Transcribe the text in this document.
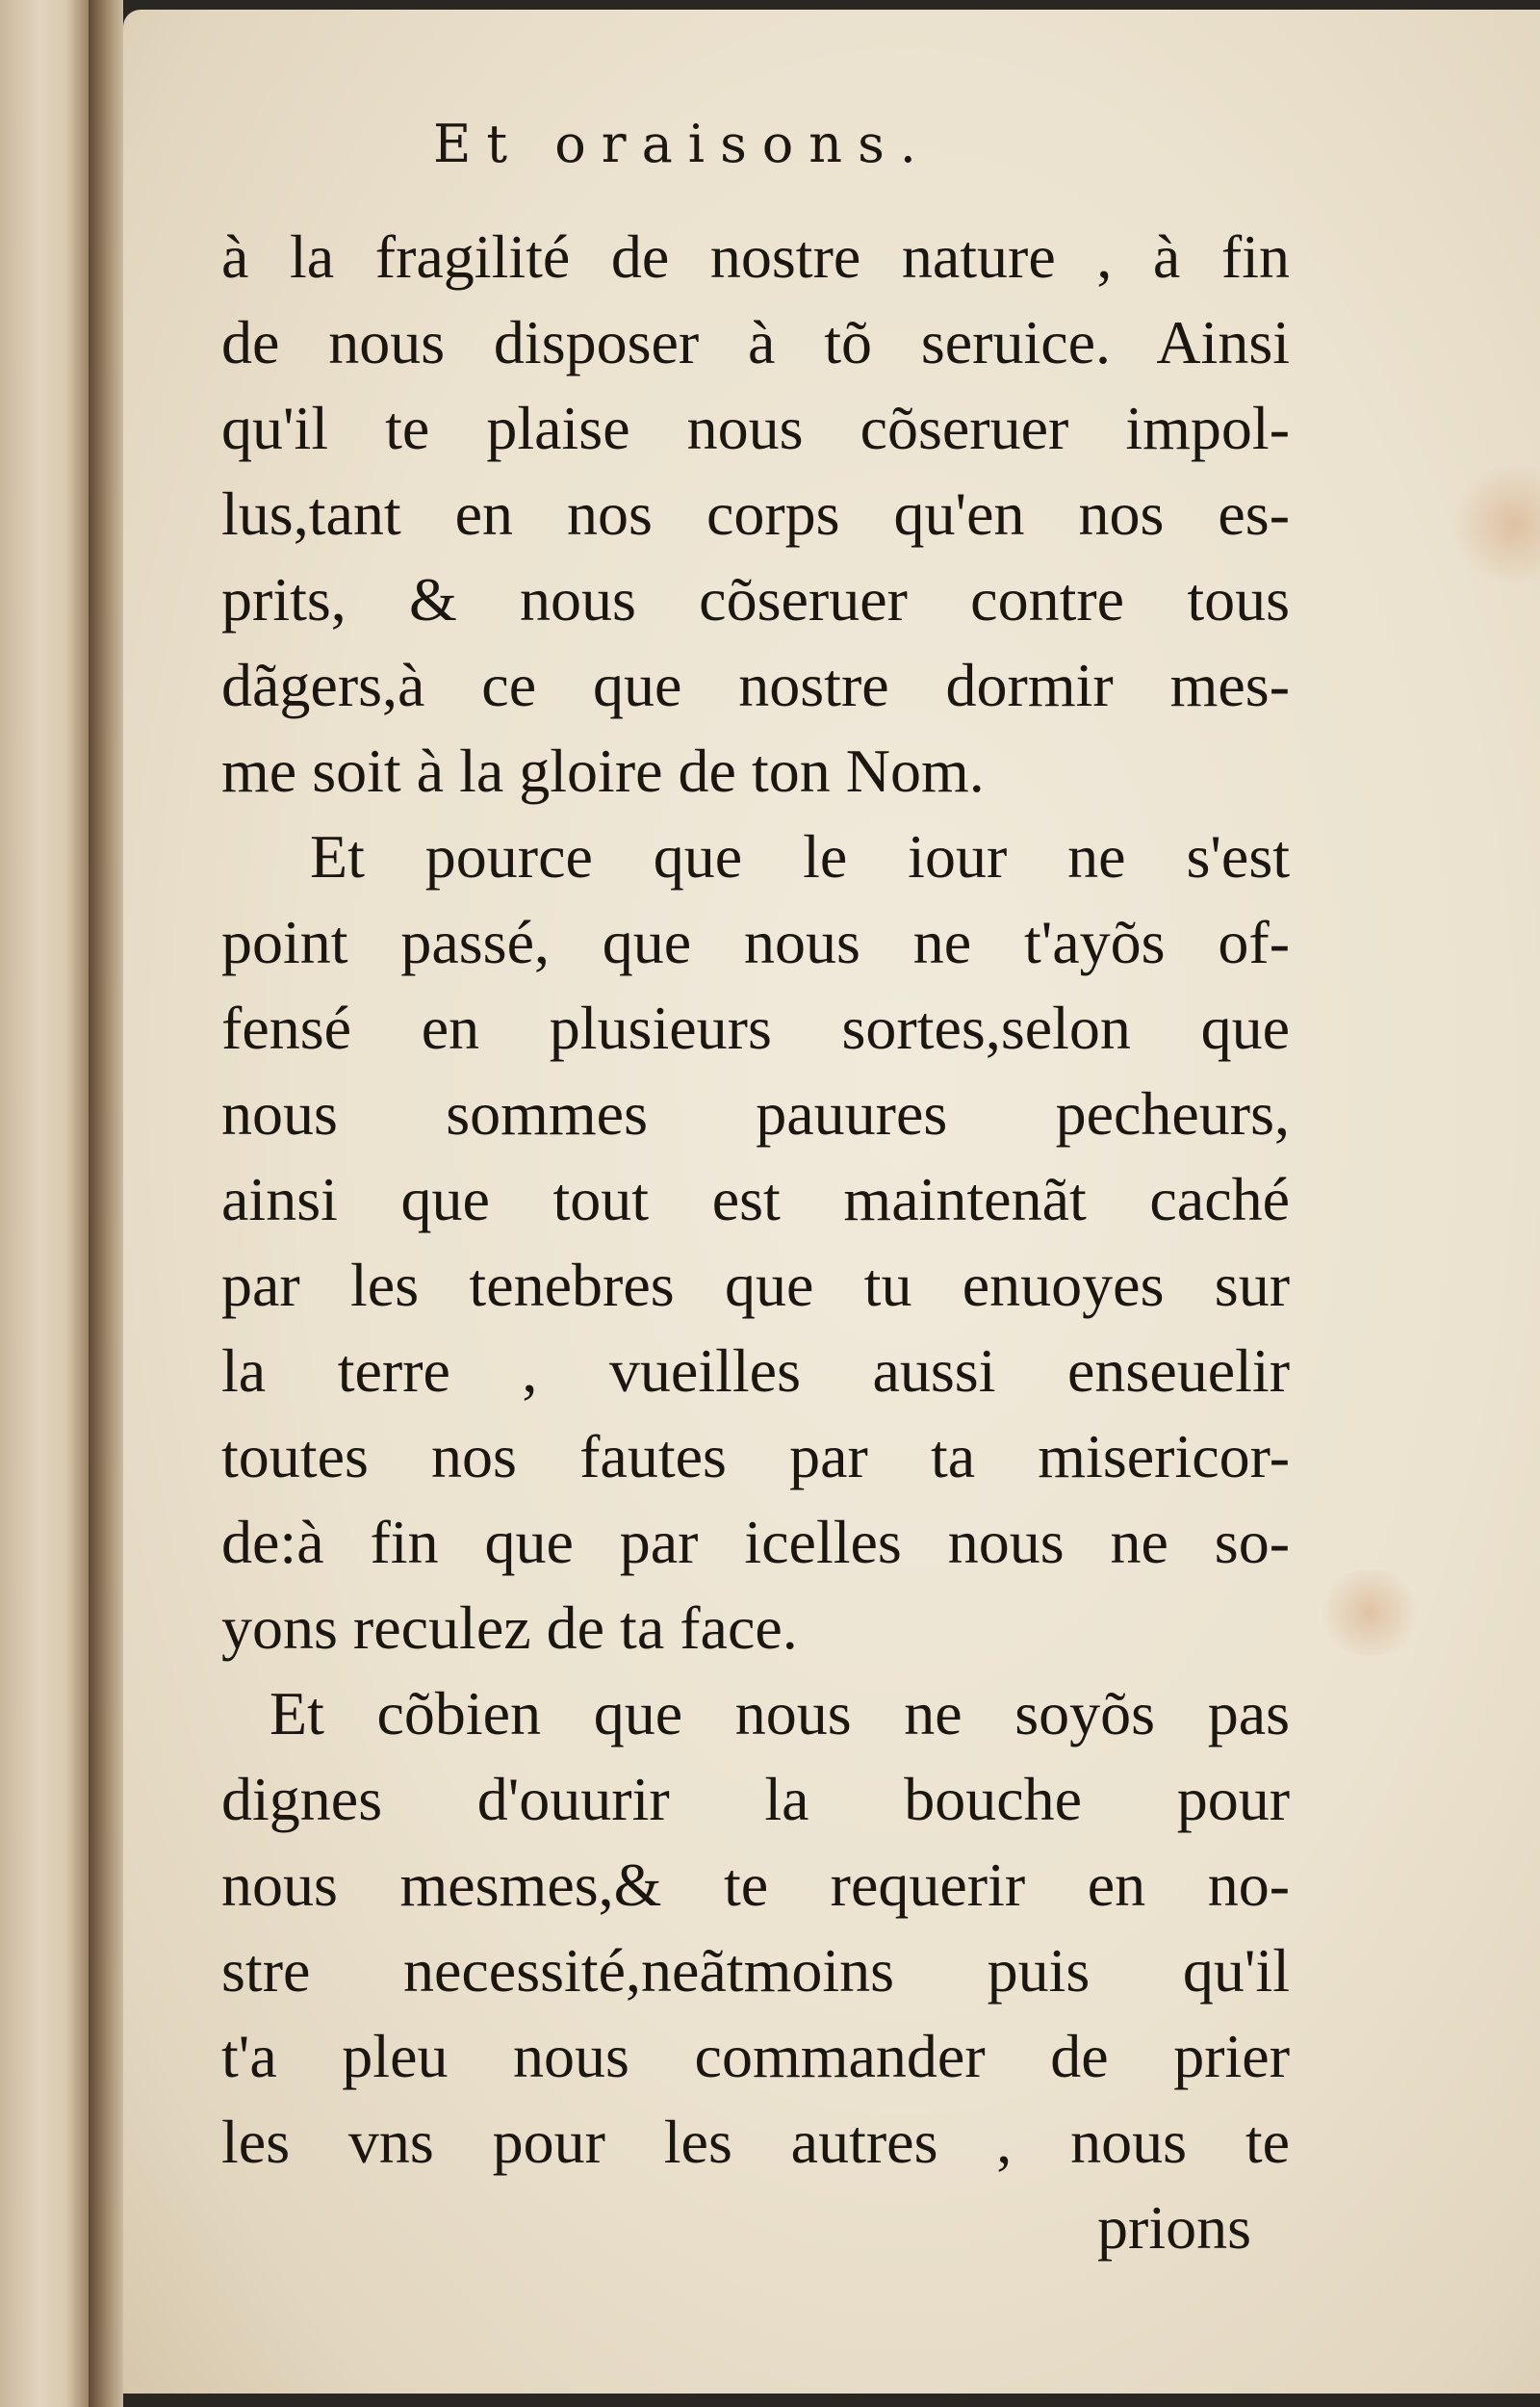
Et oraisons.
à la fragilité de nostre nature , à fin
de nous disposer à tõ seruice. Ainsi
qu'il te plaise nous cõseruer impol-
lus,tant en nos corps qu'en nos es-
prits, & nous cõseruer contre tous
dãgers,à ce que nostre dormir mes-
me soit à la gloire de ton Nom.
Et pource que le iour ne s'est
point passé, que nous ne t'ayõs of-
fensé en plusieurs sortes,selon que
nous sommes pauures pecheurs,
ainsi que tout est maintenãt caché
par les tenebres que tu enuoyes sur
la terre , vueilles aussi enseuelir
toutes nos fautes par ta misericor-
de:à fin que par icelles nous ne so-
yons reculez de ta face.
Et cõbien que nous ne soyõs pas
dignes d'ouurir la bouche pour
nous mesmes,& te requerir en no-
stre necessité,neãtmoins puis qu'il
t'a pleu nous commander de prier
les vns pour les autres , nous te
prions
